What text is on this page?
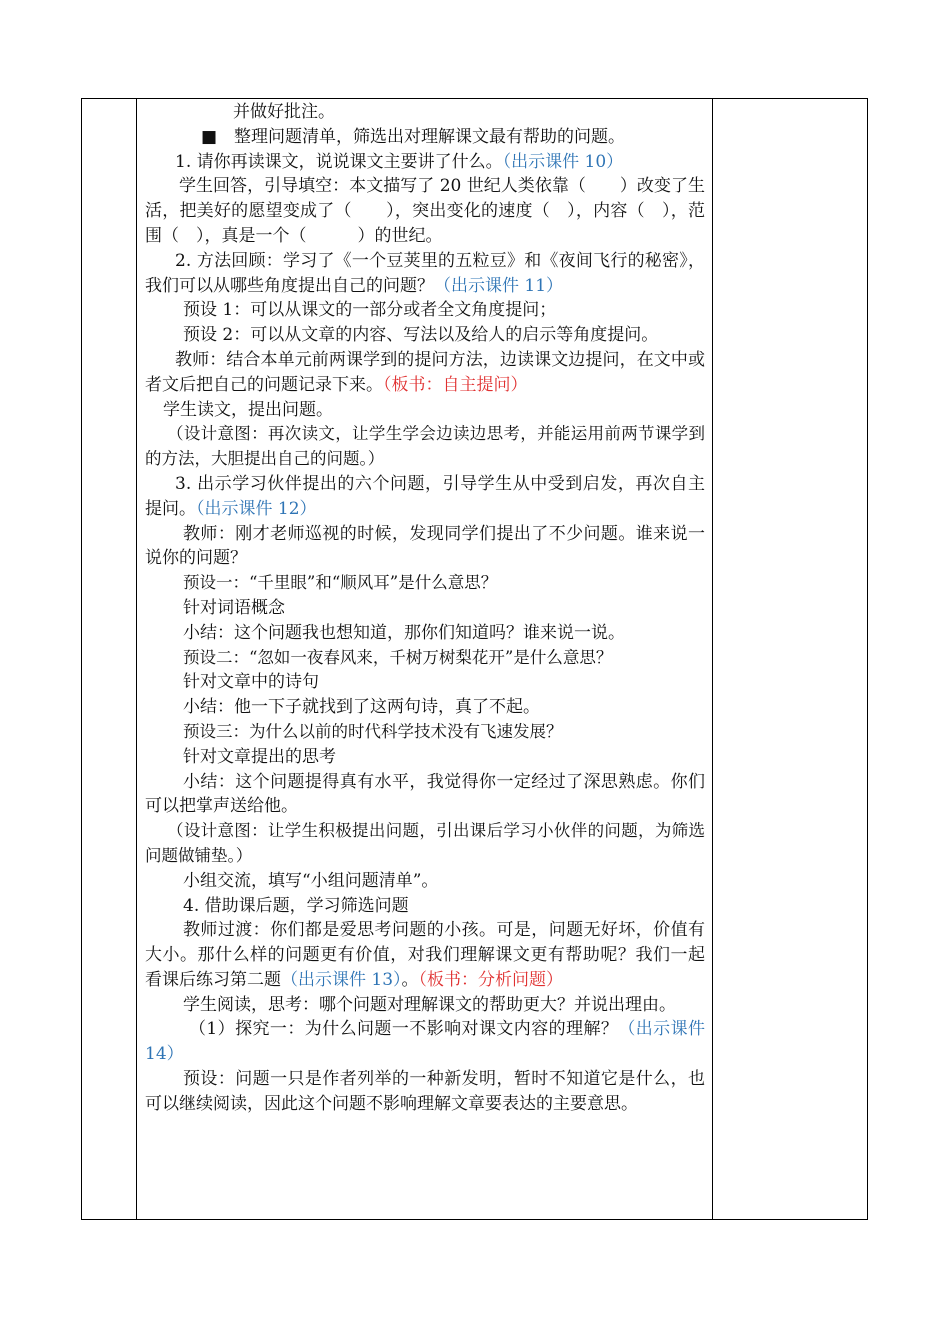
并做好批注。

■　整理问题清单，筛选出对理解课文最有帮助的问题。

1. 请你再读课文，说说课文主要讲了什么。（出示课件 10）

学生回答，引导填空：本文描写了 20 世纪人类依靠（　　）改变了生活，把美好的愿望变成了（　　），突出变化的速度（　），内容（　），范围（　），真是一个（　　　）的世纪。

2. 方法回顾：学习了《一个豆荚里的五粒豆》和《夜间飞行的秘密》，我们可以从哪些角度提出自己的问题？（出示课件 11）

预设 1：可以从课文的一部分或者全文角度提问；

预设 2：可以从文章的内容、写法以及给人的启示等角度提问。

教师：结合本单元前两课学到的提问方法，边读课文边提问，在文中或者文后把自己的问题记录下来。（板书：自主提问）

学生读文，提出问题。

（设计意图：再次读文，让学生学会边读边思考，并能运用前两节课学到的方法，大胆提出自己的问题。）

3. 出示学习伙伴提出的六个问题，引导学生从中受到启发，再次自主提问。（出示课件 12）

教师：刚才老师巡视的时候，发现同学们提出了不少问题。谁来说一说你的问题？

预设一：“千里眼”和“顺风耳”是什么意思？

针对词语概念

小结：这个问题我也想知道，那你们知道吗？谁来说一说。

预设二：“忽如一夜春风来，千树万树梨花开”是什么意思？

针对文章中的诗句

小结：他一下子就找到了这两句诗，真了不起。

预设三：为什么以前的时代科学技术没有飞速发展？

针对文章提出的思考

小结：这个问题提得真有水平，我觉得你一定经过了深思熟虑。你们可以把掌声送给他。

（设计意图：让学生积极提出问题，引出课后学习小伙伴的问题，为筛选问题做铺垫。）

小组交流，填写“小组问题清单”。

4. 借助课后题，学习筛选问题

教师过渡：你们都是爱思考问题的小孩。可是，问题无好坏，价值有大小。那什么样的问题更有价值，对我们理解课文更有帮助呢？我们一起看课后练习第二题（出示课件 13）。（板书：分析问题）

学生阅读，思考：哪个问题对理解课文的帮助更大？并说出理由。

（1）探究一：为什么问题一不影响对课文内容的理解？（出示课件 14）

预设：问题一只是作者列举的一种新发明，暂时不知道它是什么，也可以继续阅读，因此这个问题不影响理解文章要表达的主要意思。
